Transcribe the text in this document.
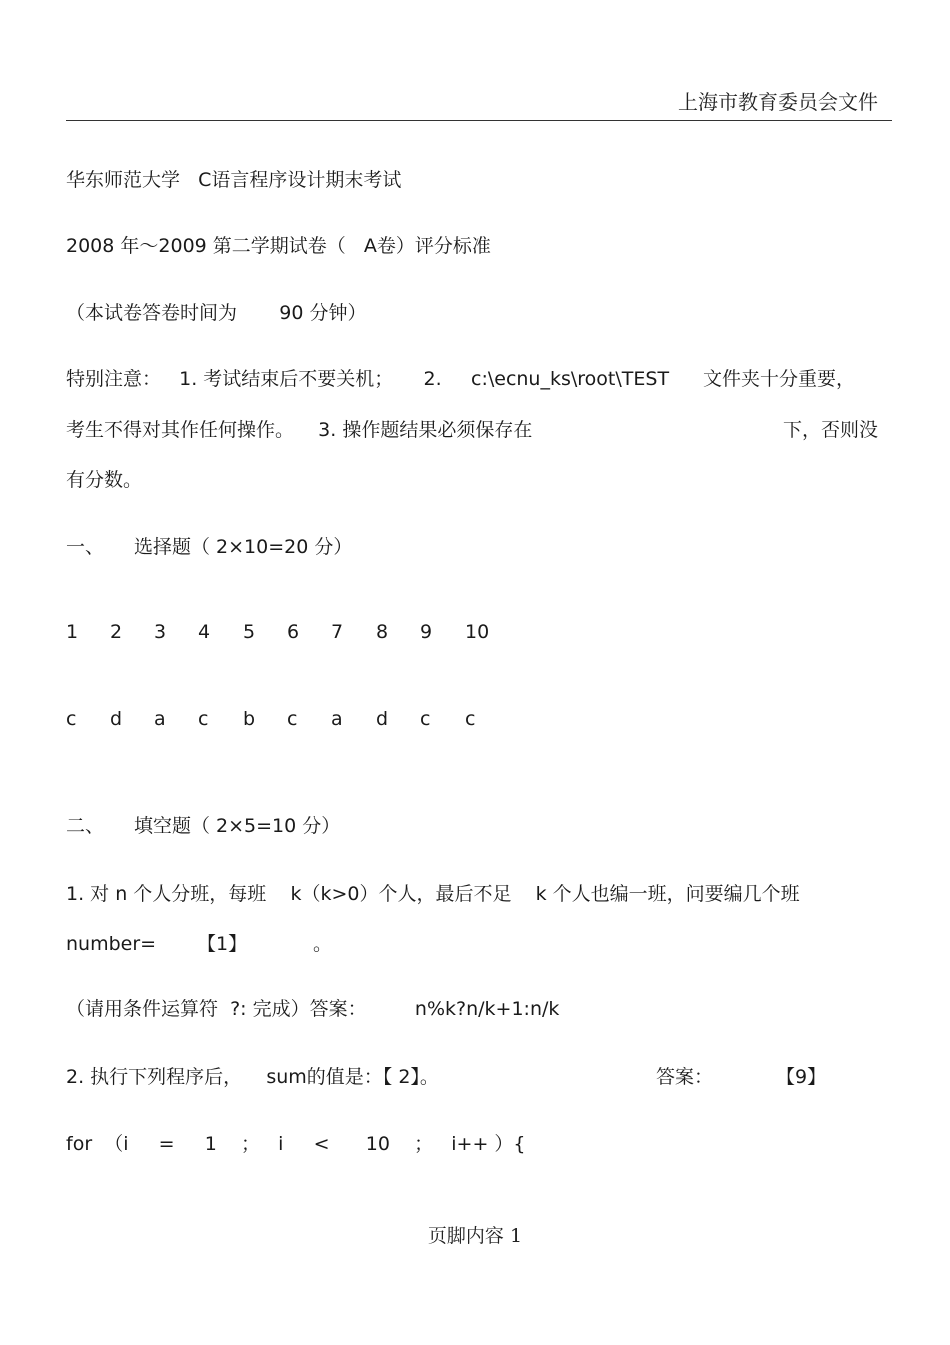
上海市教育委员会文件
华东师范大学   C语言程序设计期末考试
2008 年～2009 第二学期试卷（   A卷）评分标准
（本试卷答卷时间为       90 分钟）
特别注意：   1. 考试结束后不要关机；     2. c:\ecnu_ks\root\TEST 文件夹十分重要，
考生不得对其作任何操作。    3. 操作题结果必须保存在	下，否则没
有分数。
一、 选择题（ 2×10=20 分）
1 2 3 4 5 6 7 8 9 10
c d a c b c a d c c
二、 填空题（ 2×5=10 分）
1. 对 n 个人分班，每班    k（k>0）个人，最后不足    k 个人也编一班，问要编几个班
number= 【1】	。
（请用条件运算符  ?: 完成）答案：        n%k?n/k+1:n/k
2. 执行下列程序后，    sum的值是：【 2】。	答案：	【9】
for  （i     =     1    ；   i     <      10    ；   i++ ）{
页脚内容 1
